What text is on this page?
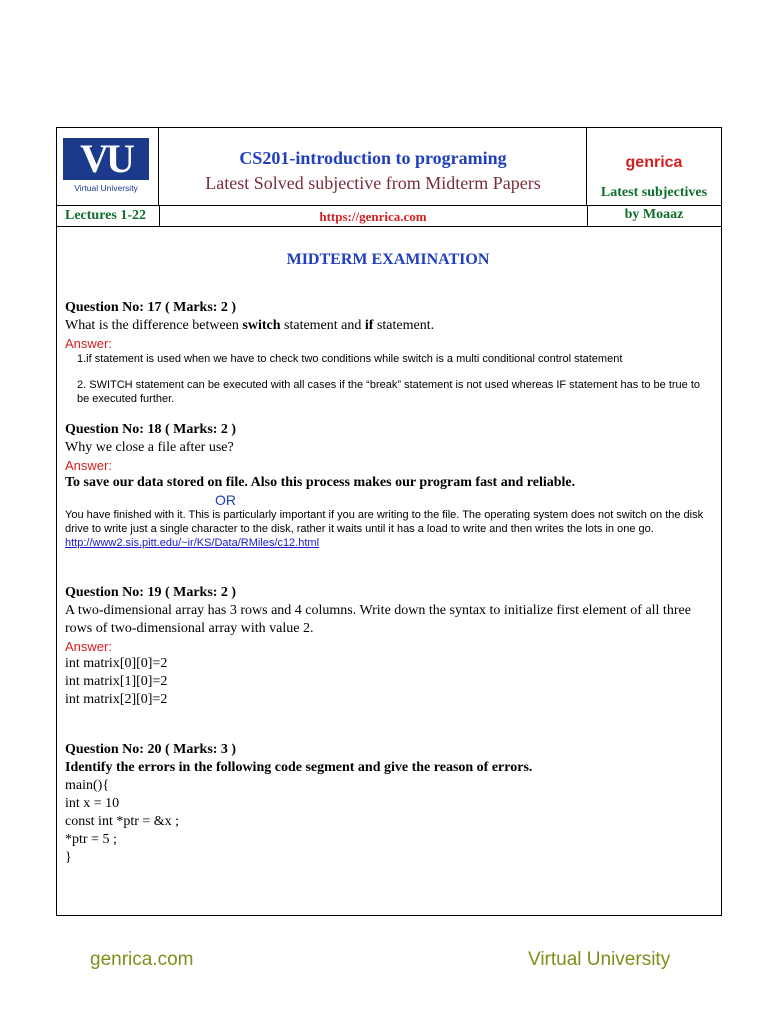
VU
Virtual University
CS201-introduction to programing
Latest Solved subjective from Midterm Papers
genrica
Latest subjectives
Lectures 1-22	https://genrica.com	by Moaaz
MIDTERM EXAMINATION

Question No: 17 ( Marks: 2 )

What is the difference between switch statement and if statement.

Answer:

1.if statement is used when we have to check two conditions while switch is a multi conditional control statement

2. SWITCH statement can be executed with all cases if the “break” statement is not used whereas IF statement has to be true to be executed further.

Question No: 18 ( Marks: 2 )

Why we close a file after use?

Answer:

To save our data stored on file. Also this process makes our program fast and reliable.

OR

You have finished with it. This is particularly important if you are writing to the file. The operating system does not switch on the disk drive to write just a single character to the disk, rather it waits until it has a load to write and then writes the lots in one go.

http://www2.sis.pitt.edu/~ir/KS/Data/RMiles/c12.html

Question No: 19 ( Marks: 2 )

A two-dimensional array has 3 rows and 4 columns. Write down the syntax to initialize first element of all three rows of two-dimensional array with value 2.

Answer:

int matrix[0][0]=2

int matrix[1][0]=2

int matrix[2][0]=2

Question No: 20 ( Marks: 3 )

Identify the errors in the following code segment and give the reason of errors.

main(){

int x = 10

const int *ptr = &x ;

*ptr = 5 ;

}

genrica.com	Virtual University
